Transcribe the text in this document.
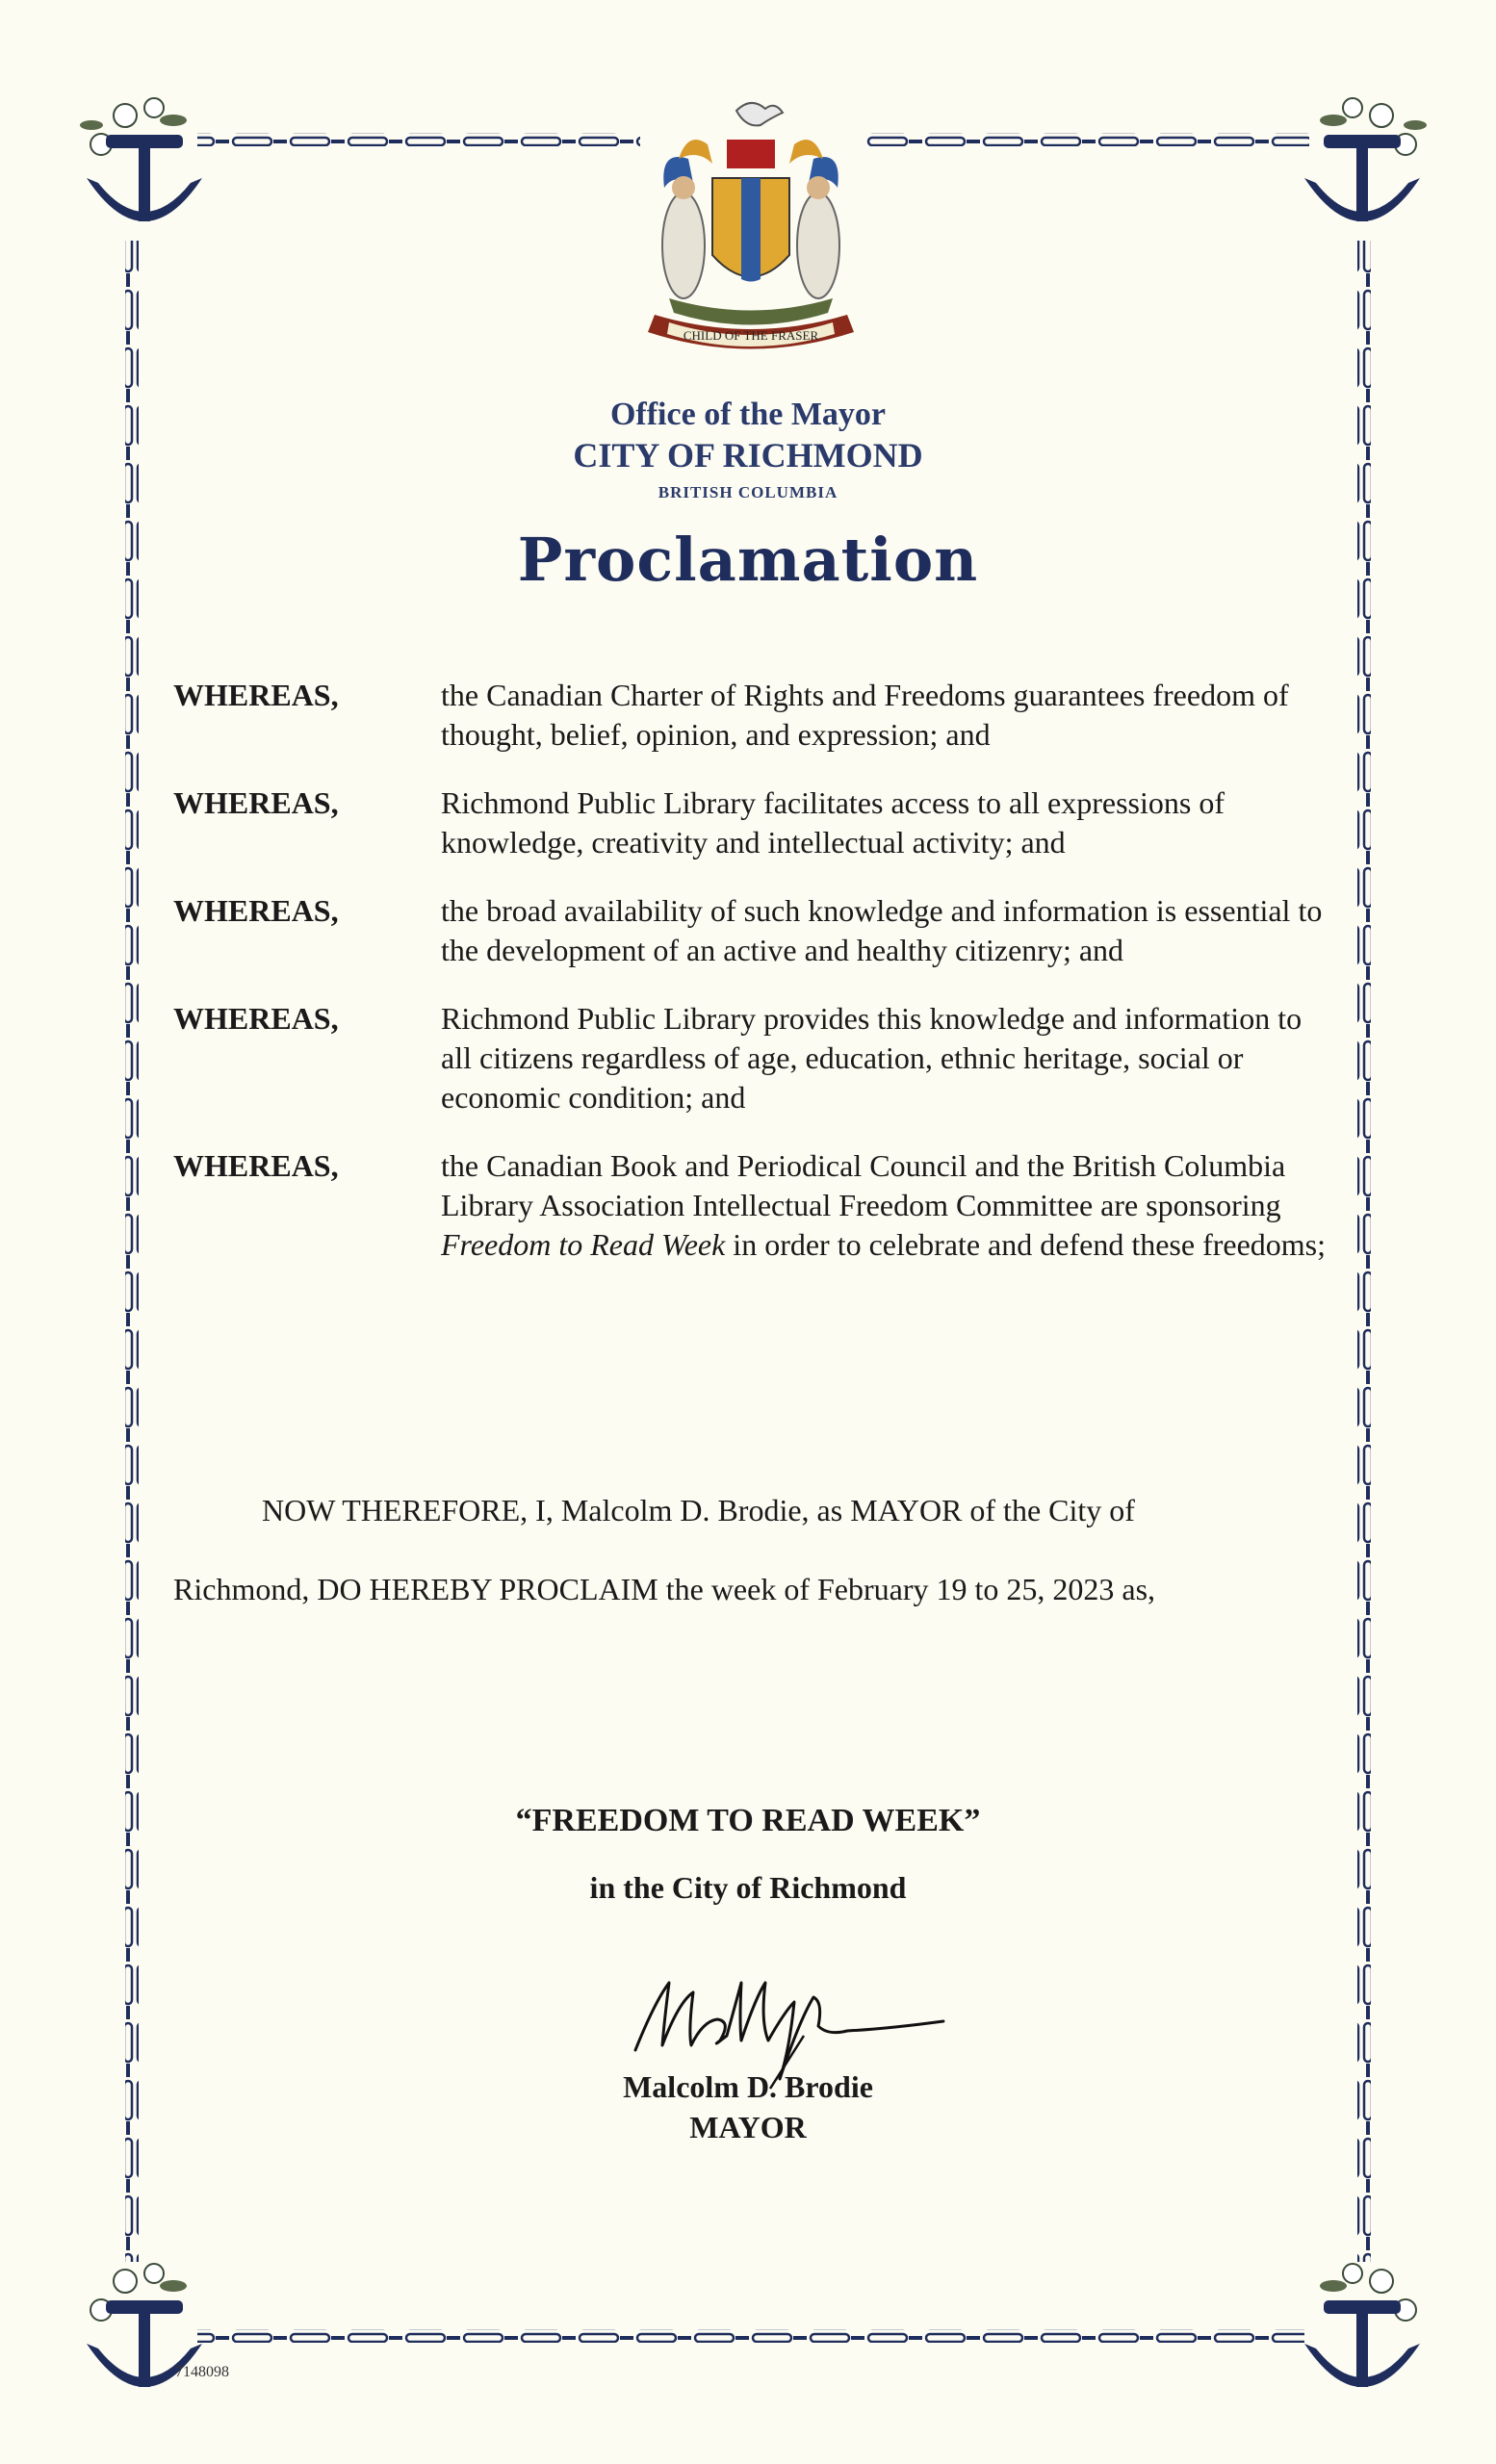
CHILD OF THE FRASER
Office of the Mayor
CITY OF RICHMOND
BRITISH COLUMBIA
Proclamation
WHEREAS,	the Canadian Charter of Rights and Freedoms guarantees freedom of thought, belief, opinion, and expression; and
WHEREAS,	Richmond Public Library facilitates access to all expressions of knowledge, creativity and intellectual activity; and
WHEREAS,	the broad availability of such knowledge and information is essential to the development of an active and healthy citizenry; and
WHEREAS,	Richmond Public Library provides this knowledge and information to all citizens regardless of age, education, ethnic heritage, social or economic condition; and
WHEREAS,	the Canadian Book and Periodical Council and the British Columbia Library Association Intellectual Freedom Committee are sponsoring Freedom to Read Week in order to celebrate and defend these freedoms;
NOW THEREFORE, I, Malcolm D. Brodie, as MAYOR of the City of Richmond, DO HEREBY PROCLAIM the week of February 19 to 25, 2023 as,
“FREEDOM TO READ WEEK”
in the City of Richmond
Malcolm D. Brodie
MAYOR
7148098
